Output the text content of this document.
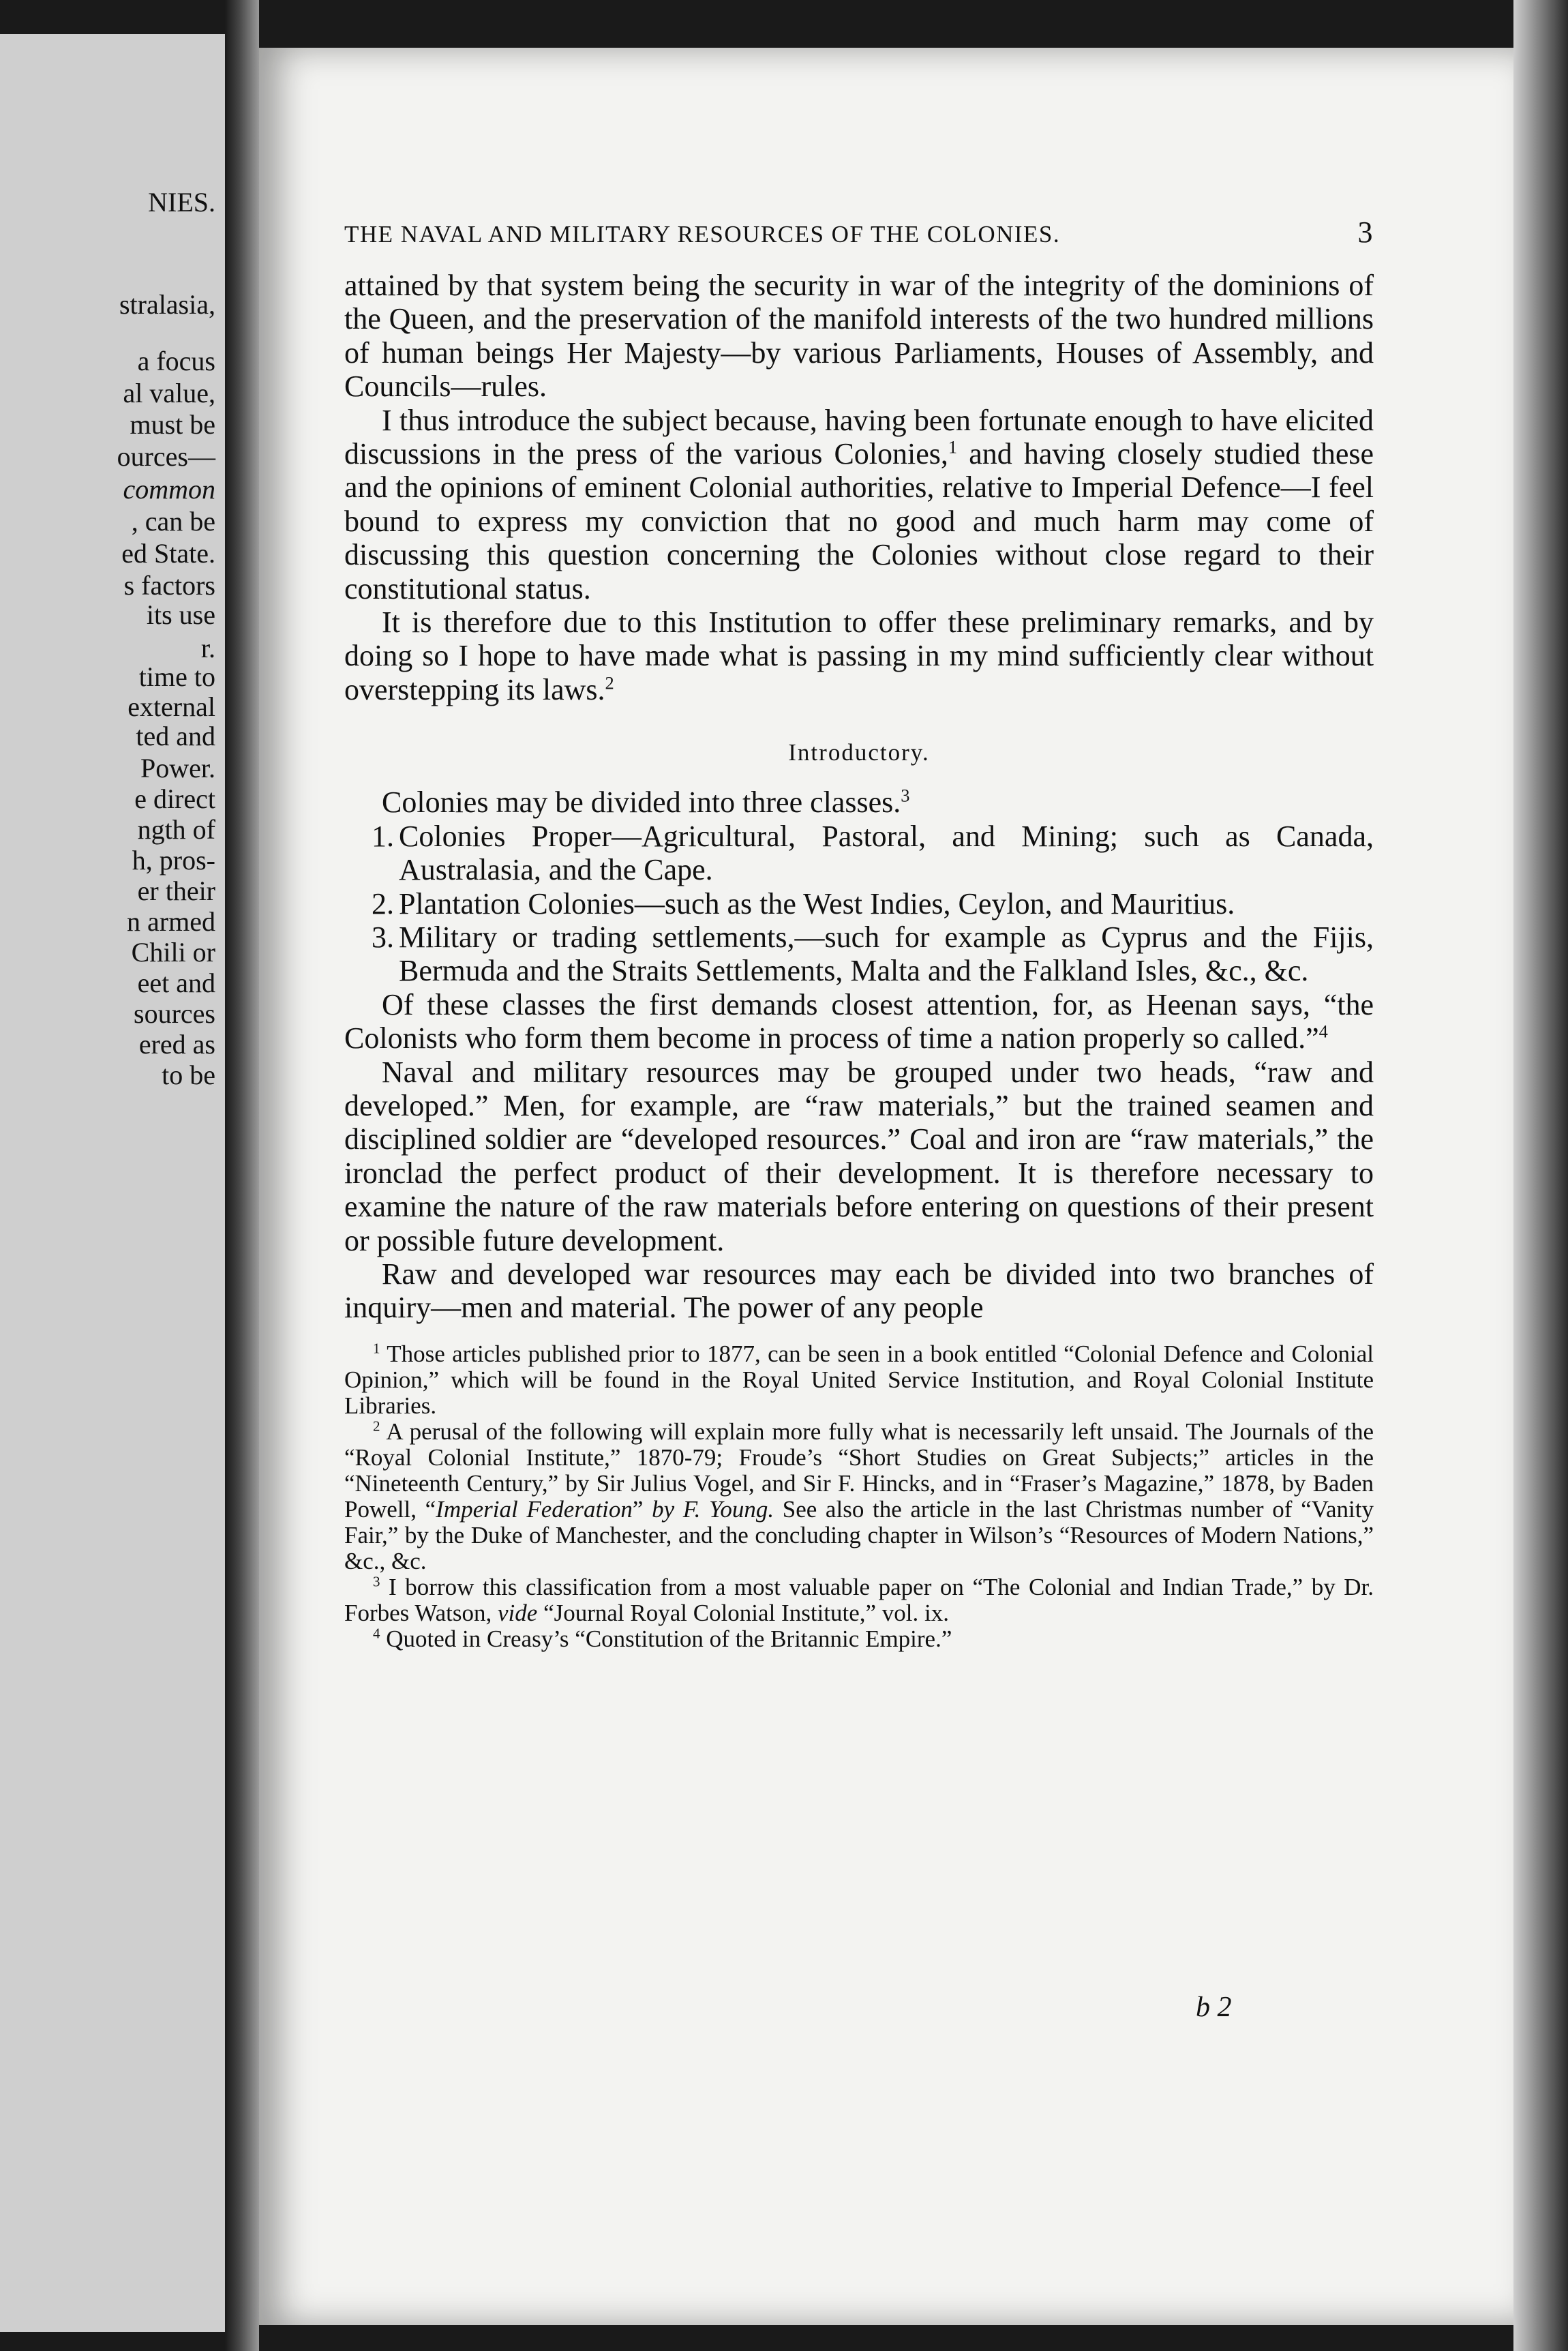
NIES.
stralasia,
a focus
al value,
must be
ources—
common
, can be
ed State.
s factors
its use
r.
time to
external
ted and
Power.
e direct
ngth of
h, pros-
er their
n armed
Chili or
eet and
sources
ered as
to be
THE NAVAL AND MILITARY RESOURCES OF THE COLONIES.	3

attained by that system being the security in war of the integrity of the dominions of the Queen, and the preservation of the manifold interests of the two hundred millions of human beings Her Majesty—by various Parliaments, Houses of Assembly, and Councils—rules.

I thus introduce the subject because, having been fortunate enough to have elicited discussions in the press of the various Colonies,$^1$ and having closely studied these and the opinions of eminent Colonial authorities, relative to Imperial Defence—I feel bound to express my conviction that no good and much harm may come of discussing this question concerning the Colonies without close regard to their constitutional status.

It is therefore due to this Institution to offer these preliminary remarks, and by doing so I hope to have made what is passing in my mind sufficiently clear without overstepping its laws.$^2$

Introductory.

Colonies may be divided into three classes.$^3$

1. Colonies Proper—Agricultural, Pastoral, and Mining; such as Canada, Australasia, and the Cape.
2. Plantation Colonies—such as the West Indies, Ceylon, and Mauritius.
3. Military or trading settlements,—such for example as Cyprus and the Fijis, Bermuda and the Straits Settlements, Malta and the Falkland Isles, &c., &c.

Of these classes the first demands closest attention, for, as Heenan says, “the Colonists who form them become in process of time a nation properly so called.”$^4$

Naval and military resources may be grouped under two heads, “raw and developed.” Men, for example, are “raw materials,” but the trained seamen and disciplined soldier are “developed resources.” Coal and iron are “raw materials,” the ironclad the perfect product of their development. It is therefore necessary to examine the nature of the raw materials before entering on questions of their present or possible future development.

Raw and developed war resources may each be divided into two branches of inquiry—men and material. The power of any people

$^1$ Those articles published prior to 1877, can be seen in a book entitled “Colonial Defence and Colonial Opinion,” which will be found in the Royal United Service Institution, and Royal Colonial Institute Libraries.

$^2$ A perusal of the following will explain more fully what is necessarily left unsaid. The Journals of the “Royal Colonial Institute,” 1870-79; Froude’s “Short Studies on Great Subjects;” articles in the “Nineteenth Century,” by Sir Julius Vogel, and Sir F. Hincks, and in “Fraser’s Magazine,” 1878, by Baden Powell, “Imperial Federation” by F. Young. See also the article in the last Christmas number of “Vanity Fair,” by the Duke of Manchester, and the concluding chapter in Wilson’s “Resources of Modern Nations,” &c., &c.

$^3$ I borrow this classification from a most valuable paper on “The Colonial and Indian Trade,” by Dr. Forbes Watson, vide “Journal Royal Colonial Institute,” vol. ix.

$^4$ Quoted in Creasy’s “Constitution of the Britannic Empire.”

b 2
